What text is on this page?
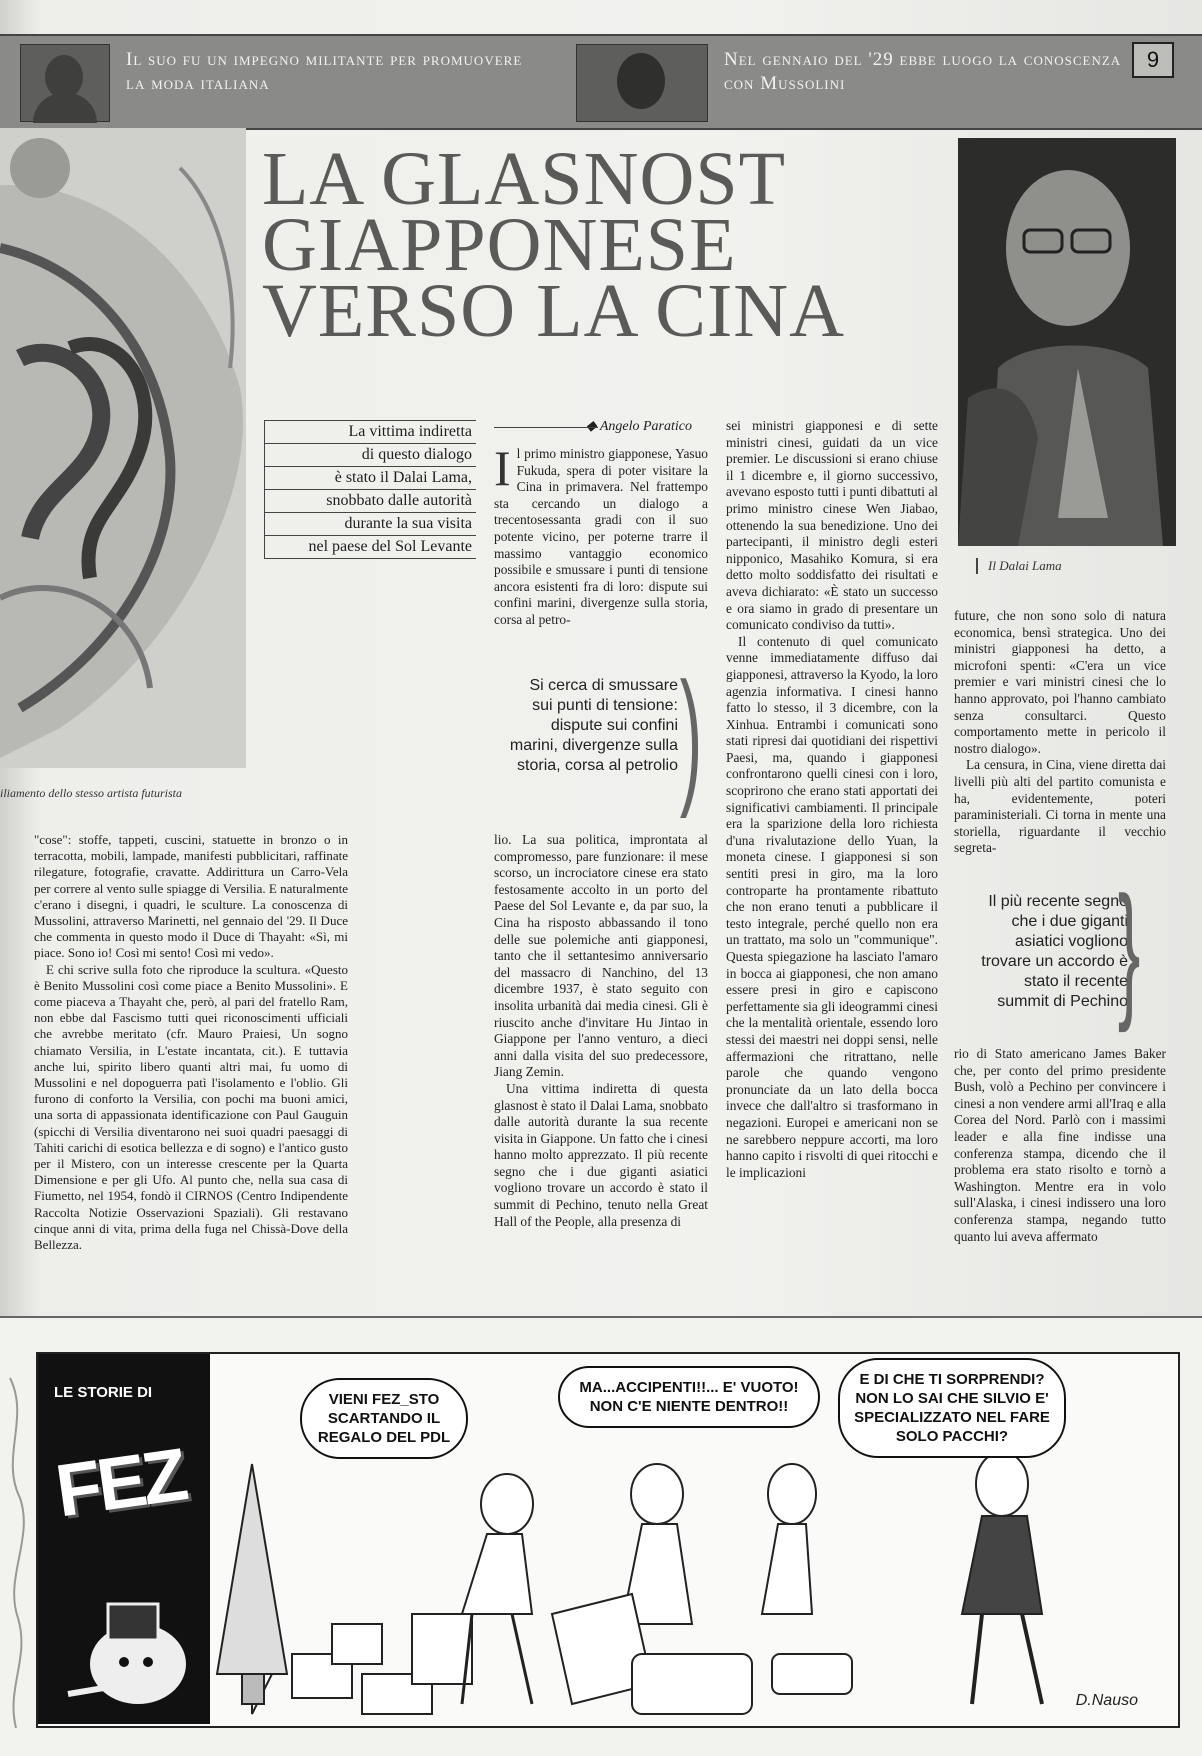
Il suo fu un impegno militante per promuovere la moda italiana
Nel gennaio del '29 ebbe luogo la conoscenza con Mussolini
9
iliamento dello stesso artista futurista
LA GLASNOST GIAPPONESE VERSO LA CINA
Il Dalai Lama
La vittima indiretta
di questo dialogo
è stato il Dalai Lama,
snobbato dalle autorità
durante la sua visita
nel paese del Sol Levante
◆ Angelo Paratico

Il primo ministro giapponese, Yasuo Fukuda, spera di poter visitare la Cina in primavera. Nel frattempo sta cercando un dialogo a trecentosessanta gradi con il suo potente vicino, per poterne trarre il massimo vantaggio economico possibile e smussare i punti di tensione ancora esistenti fra di loro: dispute sui confini marini, divergenze sulla storia, corsa al petro-

Si cerca di smussare sui punti di tensione: dispute sui confini marini, divergenze sulla storia, corsa al petrolio )

lio. La sua politica, improntata al compromesso, pare funzionare: il mese scorso, un incrociatore cinese era stato festosamente accolto in un porto del Paese del Sol Levante e, da par suo, la Cina ha risposto abbassando il tono delle sue polemiche anti giapponesi, tanto che il settantesimo anniversario del massacro di Nanchino, del 13 dicembre 1937, è stato seguito con insolita urbanità dai media cinesi. Gli è riuscito anche d'invitare Hu Jintao in Giappone per l'anno venturo, a dieci anni dalla visita del suo predecessore, Jiang Zemin.

Una vittima indiretta di questa glasnost è stato il Dalai Lama, snobbato dalle autorità durante la sua recente visita in Giappone. Un fatto che i cinesi hanno molto apprezzato. Il più recente segno che i due giganti asiatici vogliono trovare un accordo è stato il summit di Pechino, tenuto nella Great Hall of the People, alla presenza di

sei ministri giapponesi e di sette ministri cinesi, guidati da un vice premier. Le discussioni si erano chiuse il 1 dicembre e, il giorno successivo, avevano esposto tutti i punti dibattuti al primo ministro cinese Wen Jiabao, ottenendo la sua benedizione. Uno dei partecipanti, il ministro degli esteri nipponico, Masahiko Komura, si era detto molto soddisfatto dei risultati e aveva dichiarato: «È stato un successo e ora siamo in grado di presentare un comunicato condiviso da tutti».

Il contenuto di quel comunicato venne immediatamente diffuso dai giapponesi, attraverso la Kyodo, la loro agenzia informativa. I cinesi hanno fatto lo stesso, il 3 dicembre, con la Xinhua. Entrambi i comunicati sono stati ripresi dai quotidiani dei rispettivi Paesi, ma, quando i giapponesi confrontarono quelli cinesi con i loro, scoprirono che erano stati apportati dei significativi cambiamenti. Il principale era la sparizione della loro richiesta d'una rivalutazione dello Yuan, la moneta cinese. I giapponesi si son sentiti presi in giro, ma la loro controparte ha prontamente ribattuto che non erano tenuti a pubblicare il testo integrale, perché quello non era un trattato, ma solo un "communique". Questa spiegazione ha lasciato l'amaro in bocca ai giapponesi, che non amano essere presi in giro e capiscono perfettamente sia gli ideogrammi cinesi che la mentalità orientale, essendo loro stessi dei maestri nei doppi sensi, nelle affermazioni che ritrattano, nelle parole che quando vengono pronunciate da un lato della bocca invece che dall'altro si trasformano in negazioni. Europei e americani non se ne sarebbero neppure accorti, ma loro hanno capito i risvolti di quei ritocchi e le implicazioni

future, che non sono solo di natura economica, bensì strategica. Uno dei ministri giapponesi ha detto, a microfoni spenti: «C'era un vice premier e vari ministri cinesi che lo hanno approvato, poi l'hanno cambiato senza consultarci. Questo comportamento mette in pericolo il nostro dialogo».

La censura, in Cina, viene diretta dai livelli più alti del partito comunista e ha, evidentemente, poteri paraministeriali. Ci torna in mente una storiella, riguardante il vecchio segreta-

Il più recente segno che i due giganti asiatici vogliono trovare un accordo è stato il recente summit di Pechino
}

rio di Stato americano James Baker che, per conto del primo presidente Bush, volò a Pechino per convincere i cinesi a non vendere armi all'Iraq e alla Corea del Nord. Parlò con i massimi leader e alla fine indisse una conferenza stampa, dicendo che il problema era stato risolto e tornò a Washington. Mentre era in volo sull'Alaska, i cinesi indissero una loro conferenza stampa, negando tutto quanto lui aveva affermato

"cose": stoffe, tappeti, cuscini, statuette in bronzo o in terracotta, mobili, lampade, manifesti pubblicitari, raffinate rilegature, fotografie, cravatte. Addirittura un Carro-Vela per correre al vento sulle spiagge di Versilia. E naturalmente c'erano i disegni, i quadri, le sculture. La conoscenza di Mussolini, attraverso Marinetti, nel gennaio del '29. Il Duce che commenta in questo modo il Duce di Thayaht: «Sì, mi piace. Sono io! Così mi sento! Così mi vedo».

E chi scrive sulla foto che riproduce la scultura. «Questo è Benito Mussolini così come piace a Benito Mussolini». E come piaceva a Thayaht che, però, al pari del fratello Ram, non ebbe dal Fascismo tutti quei riconoscimenti ufficiali che avrebbe meritato (cfr. Mauro Praiesi, Un sogno chiamato Versilia, in L'estate incantata, cit.). E tuttavia anche lui, spirito libero quanti altri mai, fu uomo di Mussolini e nel dopoguerra patì l'isolamento e l'oblio. Gli furono di conforto la Versilia, con pochi ma buoni amici, una sorta di appassionata identificazione con Paul Gauguin (spicchi di Versilia diventarono nei suoi quadri paesaggi di Tahiti carichi di esotica bellezza e di sogno) e l'antico gusto per il Mistero, con un interesse crescente per la Quarta Dimensione e per gli Ufo. Al punto che, nella sua casa di Fiumetto, nel 1954, fondò il CIRNOS (Centro Indipendente Raccolta Notizie Osservazioni Spaziali). Gli restavano cinque anni di vita, prima della fuga nel Chissà-Dove della Bellezza.

LE STORIE DI
FEZ
VIENI FEZ_STO SCARTANDO IL REGALO DEL PDL
MA...ACCIPENTI!!... E' VUOTO! NON C'E NIENTE DENTRO!!
E DI CHE TI SORPRENDI? NON LO SAI CHE SILVIO E' SPECIALIZZATO NEL FARE SOLO PACCHI?
D.Nauso
